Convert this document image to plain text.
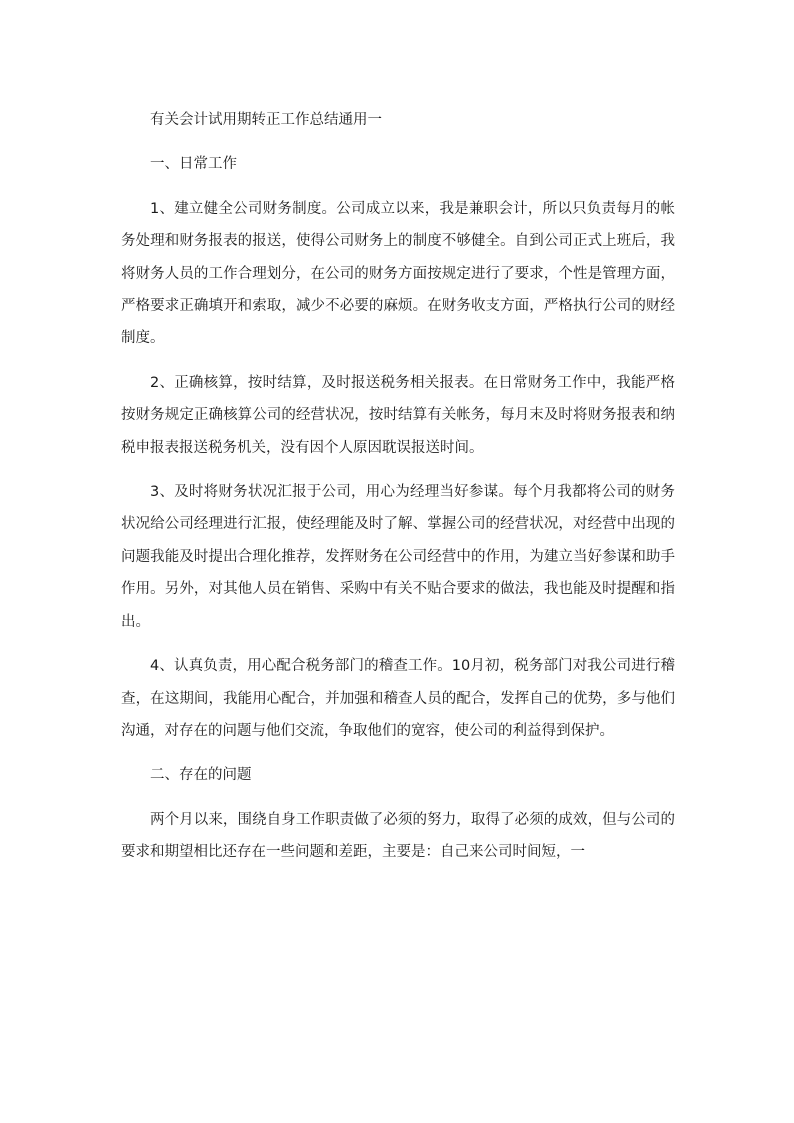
有关会计试用期转正工作总结通用一

一、日常工作

1、建立健全公司财务制度。公司成立以来，我是兼职会计，所以只负责每月的帐务处理和财务报表的报送，使得公司财务上的制度不够健全。自到公司正式上班后，我将财务人员的工作合理划分，在公司的财务方面按规定进行了要求，个性是管理方面，严格要求正确填开和索取，减少不必要的麻烦。在财务收支方面，严格执行公司的财经制度。

2、正确核算，按时结算，及时报送税务相关报表。在日常财务工作中，我能严格按财务规定正确核算公司的经营状况，按时结算有关帐务，每月末及时将财务报表和纳税申报表报送税务机关，没有因个人原因耽误报送时间。

3、及时将财务状况汇报于公司，用心为经理当好参谋。每个月我都将公司的财务状况给公司经理进行汇报，使经理能及时了解、掌握公司的经营状况，对经营中出现的问题我能及时提出合理化推荐，发挥财务在公司经营中的作用，为建立当好参谋和助手作用。另外，对其他人员在销售、采购中有关不贴合要求的做法，我也能及时提醒和指出。

4、认真负责，用心配合税务部门的稽查工作。10月初，税务部门对我公司进行稽查，在这期间，我能用心配合，并加强和稽查人员的配合，发挥自己的优势，多与他们沟通，对存在的问题与他们交流，争取他们的宽容，使公司的利益得到保护。

二、存在的问题

两个月以来，围绕自身工作职责做了必须的努力，取得了必须的成效，但与公司的要求和期望相比还存在一些问题和差距，主要是：自己来公司时间短，一
